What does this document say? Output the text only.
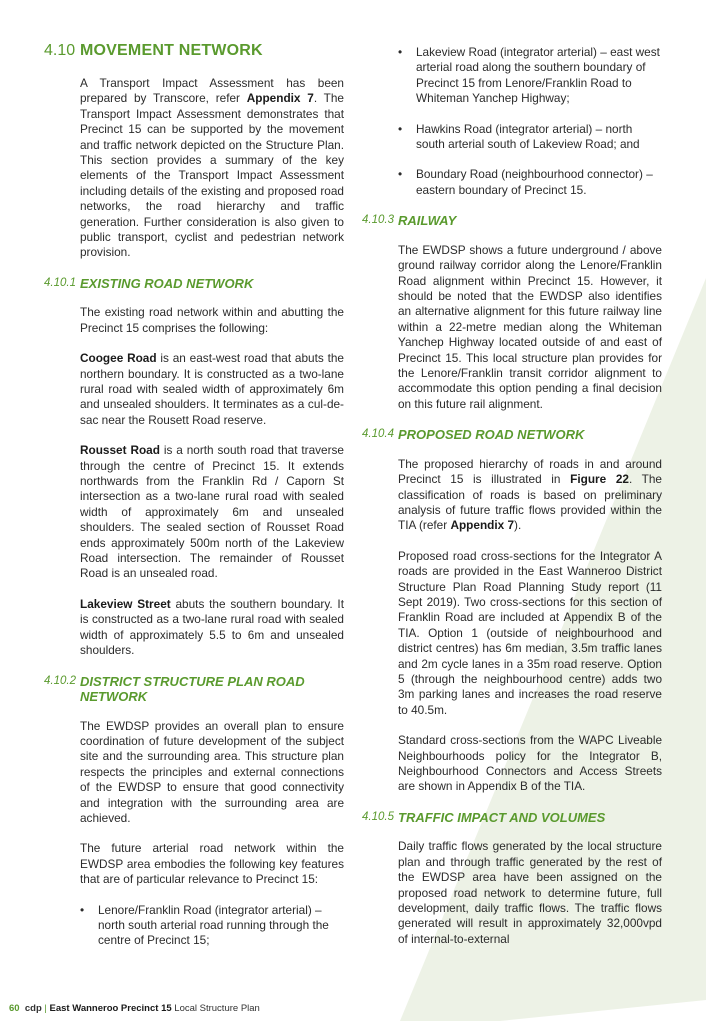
4.10 MOVEMENT NETWORK

A Transport Impact Assessment has been prepared by Transcore, refer Appendix 7. The Transport Impact Assessment demonstrates that Precinct 15 can be supported by the movement and traffic network depicted on the Structure Plan. This section provides a summary of the key elements of the Transport Impact Assessment including details of the existing and proposed road networks, the road hierarchy and traffic generation. Further consideration is also given to public transport, cyclist and pedestrian network provision.

4.10.1 EXISTING ROAD NETWORK

The existing road network within and abutting the Precinct 15 comprises the following:

Coogee Road is an east-west road that abuts the northern boundary. It is constructed as a two-lane rural road with sealed width of approximately 6m and unsealed shoulders. It terminates as a cul-de-sac near the Rousett Road reserve.

Rousset Road is a north south road that traverse through the centre of Precinct 15. It extends northwards from the Franklin Rd / Caporn St intersection as a two-lane rural road with sealed width of approximately 6m and unsealed shoulders. The sealed section of Rousset Road ends approximately 500m north of the Lakeview Road intersection. The remainder of Rousset Road is an unsealed road.

Lakeview Street abuts the southern boundary. It is constructed as a two-lane rural road with sealed width of approximately 5.5 to 6m and unsealed shoulders.

4.10.2 DISTRICT STRUCTURE PLAN ROAD NETWORK

The EWDSP provides an overall plan to ensure coordination of future development of the subject site and the surrounding area. This structure plan respects the principles and external connections of the EWDSP to ensure that good connectivity and integration with the surrounding area are achieved.

The future arterial road network within the EWDSP area embodies the following key features that are of particular relevance to Precinct 15:

• Lenore/Franklin Road (integrator arterial) – north south arterial road running through the centre of Precinct 15;
• Lakeview Road (integrator arterial) – east west arterial road along the southern boundary of Precinct 15 from Lenore/Franklin Road to Whiteman Yanchep Highway;
• Hawkins Road (integrator arterial) – north south arterial south of Lakeview Road; and
• Boundary Road (neighbourhood connector) – eastern boundary of Precinct 15.
4.10.3 RAILWAY

The EWDSP shows a future underground / above ground railway corridor along the Lenore/Franklin Road alignment within Precinct 15. However, it should be noted that the EWDSP also identifies an alternative alignment for this future railway line within a 22-metre median along the Whiteman Yanchep Highway located outside of and east of Precinct 15. This local structure plan provides for the Lenore/Franklin transit corridor alignment to accommodate this option pending a final decision on this future rail alignment.

4.10.4 PROPOSED ROAD NETWORK

The proposed hierarchy of roads in and around Precinct 15 is illustrated in Figure 22. The classification of roads is based on preliminary analysis of future traffic flows provided within the TIA (refer Appendix 7).

Proposed road cross-sections for the Integrator A roads are provided in the East Wanneroo District Structure Plan Road Planning Study report (11 Sept 2019). Two cross-sections for this section of Franklin Road are included at Appendix B of the TIA. Option 1 (outside of neighbourhood and district centres) has 6m median, 3.5m traffic lanes and 2m cycle lanes in a 35m road reserve. Option 5 (through the neighbourhood centre) adds two 3m parking lanes and increases the road reserve to 40.5m.

Standard cross-sections from the WAPC Liveable Neighbourhoods policy for the Integrator B, Neighbourhood Connectors and Access Streets are shown in Appendix B of the TIA.

4.10.5 TRAFFIC IMPACT AND VOLUMES

Daily traffic flows generated by the local structure plan and through traffic generated by the rest of the EWDSP area have been assigned on the proposed road network to determine future, full development, daily traffic flows. The traffic flows generated will result in approximately 32,000vpd of internal-to-external

60 cdp | East Wanneroo Precinct 15 Local Structure Plan
